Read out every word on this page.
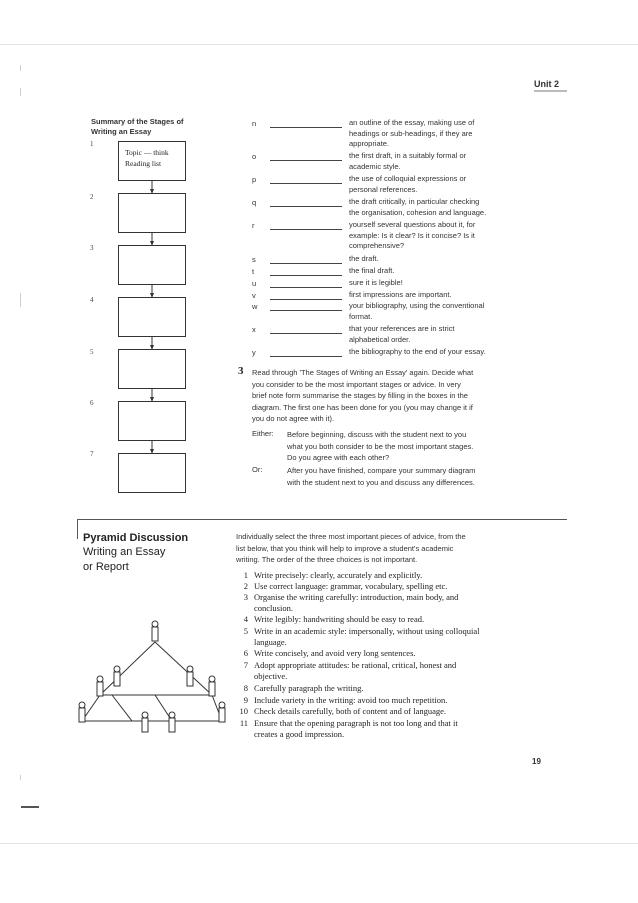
Unit 2
Summary of the Stages of
Writing an Essay
1
Topic — think
Reading list
2
3
4
5
6
7
n	an outline of the essay, making use of
headings or sub-headings, if they are
appropriate.
o	the first draft, in a suitably formal or
academic style.
p	the use of colloquial expressions or
personal references.
q	the draft critically, in particular checking
the organisation, cohesion and language.
r	yourself several questions about it, for
example: Is it clear? Is it concise? Is it
comprehensive?
s	the draft.
t	the final draft.
u	sure it is legible!
v	first impressions are important.
w	your bibliography, using the conventional
format.
x	that your references are in strict
alphabetical order.
y	the bibliography to the end of your essay.
3 Read through 'The Stages of Writing an Essay' again. Decide what
you consider to be the most important stages or advice. In very
brief note form summarise the stages by filling in the boxes in the
diagram. The first one has been done for you (you may change it if
you do not agree with it).
Either: Before beginning, discuss with the student next to you
what you both consider to be the most important stages.
Do you agree with each other?
Or:	After you have finished, compare your summary diagram
with the student next to you and discuss any differences.
Pyramid Discussion
Writing an Essay
or Report
Individually select the three most important pieces of advice, from the
list below, that you think will help to improve a student's academic
writing. The order of the three choices is not important.
1 Write precisely: clearly, accurately and explicitly.
2 Use correct language: grammar, vocabulary, spelling etc.
3 Organise the writing carefully: introduction, main body, and
conclusion.
4 Write legibly: handwriting should be easy to read.
5 Write in an academic style: impersonally, without using colloquial
language.
6 Write concisely, and avoid very long sentences.
7 Adopt appropriate attitudes: be rational, critical, honest and
objective.
8 Carefully paragraph the writing.
9 Include variety in the writing: avoid too much repetition.
10 Check details carefully, both of content and of language.
11 Ensure that the opening paragraph is not too long and that it
creates a good impression.
19
